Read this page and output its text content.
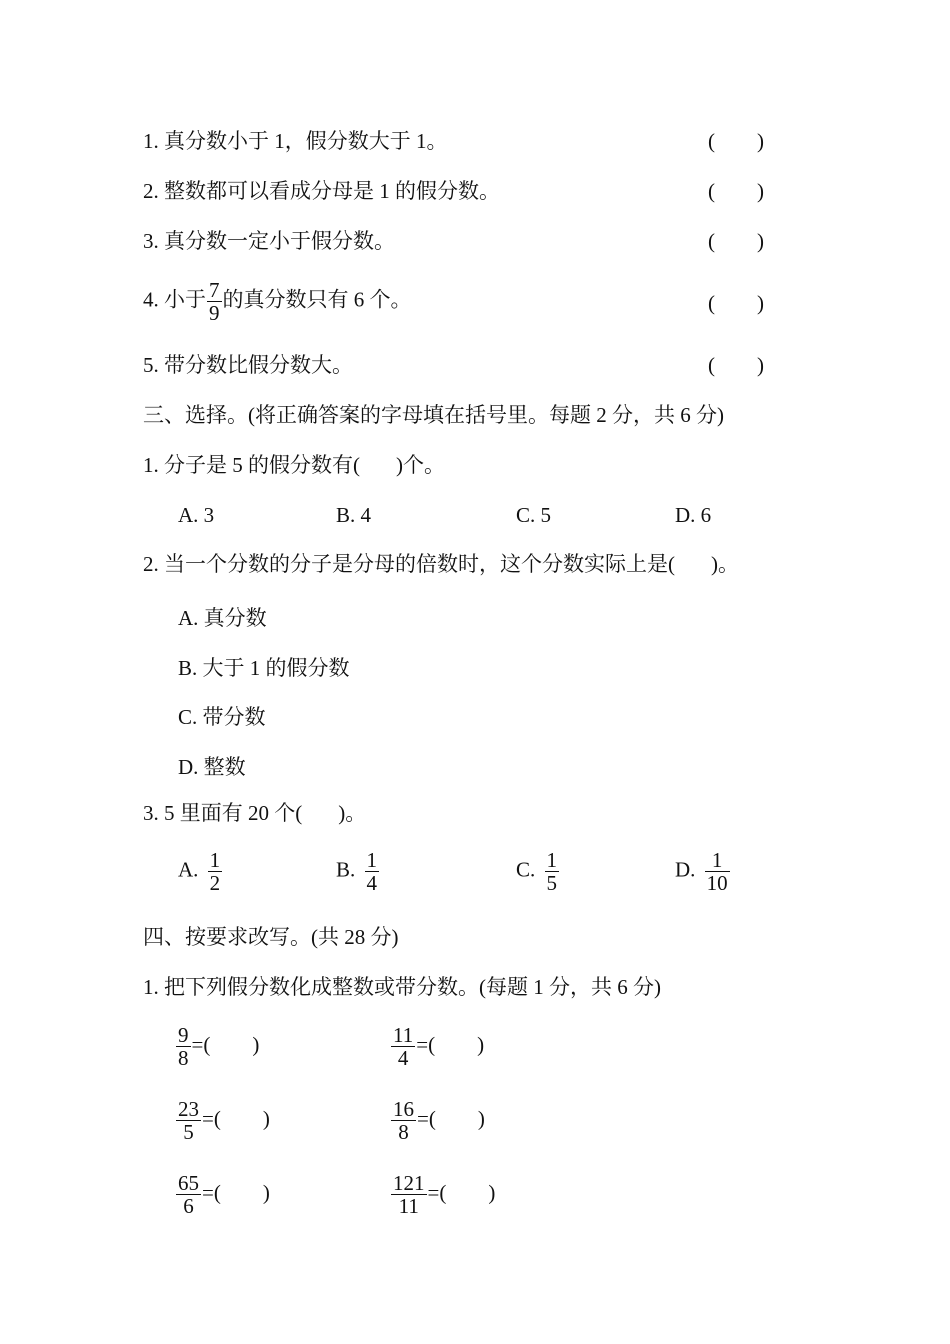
1. 真分数小于 1，假分数大于 1。	(        )
2. 整数都可以看成分母是 1 的假分数。	(        )
3. 真分数一定小于假分数。	(        )
4. 小于 $\frac{7}{9}$ 的真分数只有 6 个。	(        )
5. 带分数比假分数大。	(        )
三、选择。(将正确答案的字母填在括号里。每题 2 分，共 6 分)
1. 分子是 5 的假分数有( )个。
A. 3	B. 4	C. 5	D. 6
2. 当一个分数的分子是分母的倍数时，这个分数实际上是( )。
A. 真分数
B. 大于 1 的假分数
C. 带分数
D. 整数
3. 5 里面有 20 个( )。
A. $\frac{1}{2}$	B. $\frac{1}{4}$	C. $\frac{1}{5}$	D. $\frac{1}{10}$
四、按要求改写。(共 28 分)
1. 把下列假分数化成整数或带分数。(每题 1 分，共 6 分)
$\frac{9}{8}$ =(        )	$\frac{11}{4}$ =(        )
$\frac{23}{5}$ =(        )	$\frac{16}{8}$ =(        )
$\frac{65}{6}$ =(        )	$\frac{121}{11}$ =(        )
